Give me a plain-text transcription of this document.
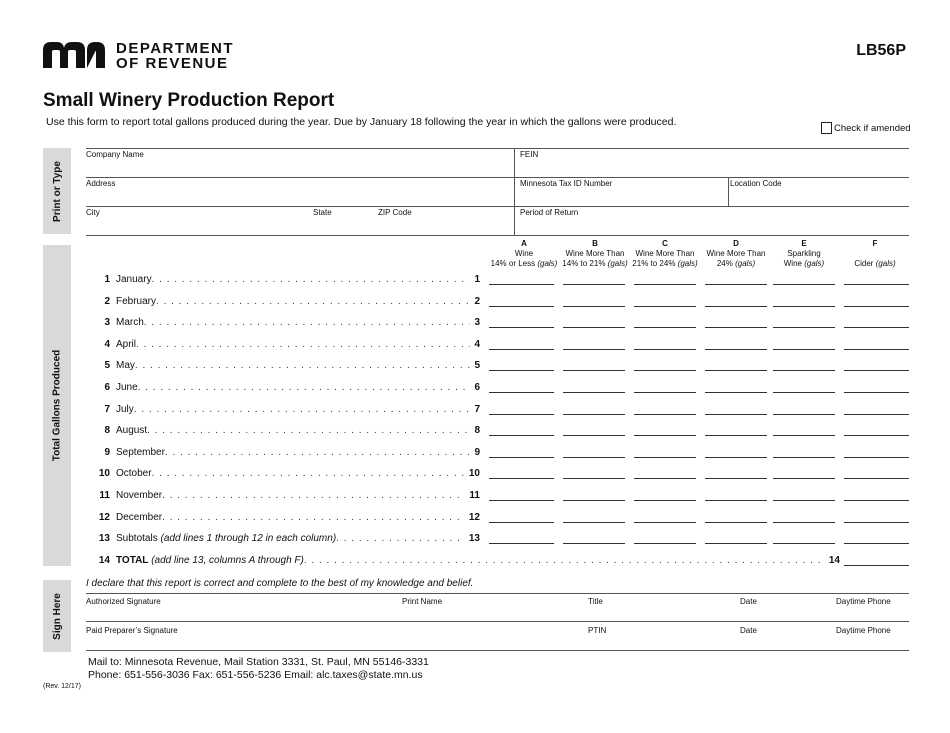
DEPARTMENT
OF REVENUE
LB56P
Small Winery Production Report
Use this form to report total gallons produced during the year. Due by January 18 following the year in which the gallons were produced.	Check if amended
Print or Type
Total Gallons Produced
Sign Here
Company Name	FEIN
Address	Minnesota Tax ID Number	Location Code
City	State	ZIP Code	Period of Return
A
Wine
14% or Less (gals)
B
Wine More Than
14% to 21% (gals)
C
Wine More Than
21% to 24% (gals)
D
Wine More Than
24% (gals)
E
Sparkling
Wine (gals)
F

Cider (gals)
1 January . . .	1
2 February . . .	2
3 March . . .	3
4 April . . .	4
5 May . . .	5
6 June . . .	6
7 July . . .	7
8 August . . .	8
9 September . . .	9
10 October . . .	10
11 November . . .	11
12 December . . .	12
13 Subtotals (add lines 1 through 12 in each column) . . .	13
14 TOTAL (add line 13, columns A through F) . . .	14
I declare that this report is correct and complete to the best of my knowledge and belief.
Authorized Signature	Print Name	Title	Date	Daytime Phone
Paid Preparer’s Signature	PTIN	Date	Daytime Phone
Mail to: Minnesota Revenue, Mail Station 3331, St. Paul, MN 55146-3331
Phone: 651-556-3036 Fax: 651-556-5236 Email: alc.taxes@state.mn.us
(Rev. 12/17)
